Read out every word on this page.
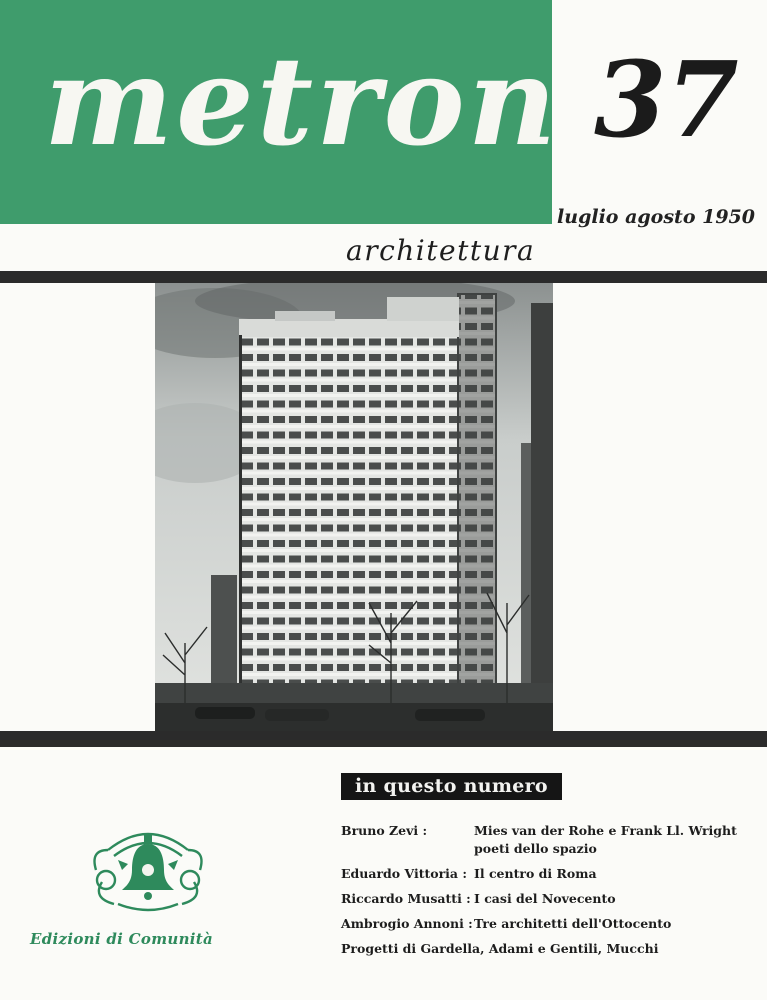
metron 37
luglio agosto 1950
architettura
in questo numero
Bruno Zevi :	Mies van der Rohe e Frank Ll. Wright poeti dello spazio
Eduardo Vittoria : Il centro di Roma
Riccardo Musatti : I casi del Novecento
Ambrogio Annoni : Tre architetti dell'Ottocento
Progetti di Gardella, Adami e Gentili, Mucchi
Edizioni di Comunità
